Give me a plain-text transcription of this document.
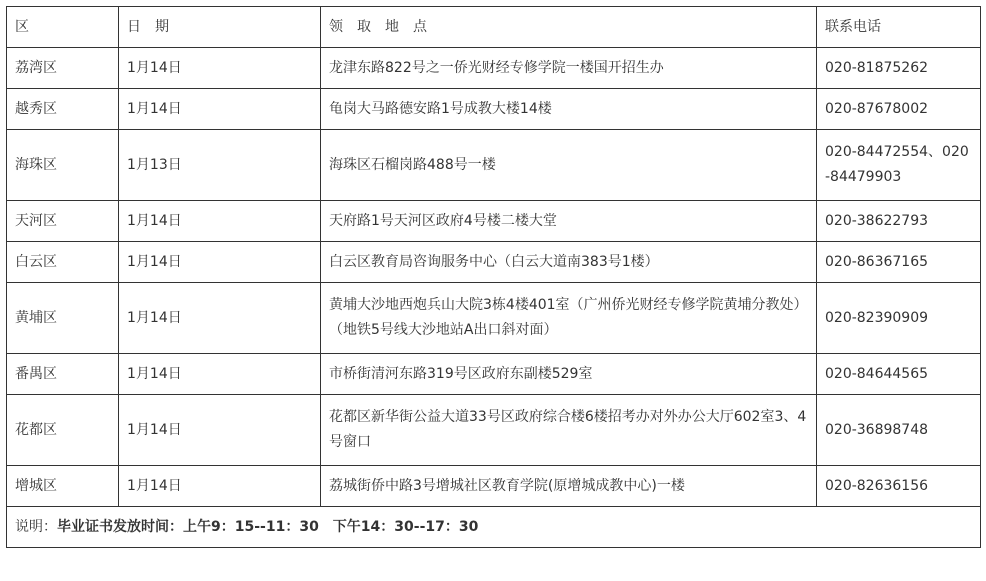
区	日　期	领　取　地　点	联系电话
荔湾区	1月14日	龙津东路822号之一侨光财经专修学院一楼国开招生办	020-81875262
越秀区	1月14日	龟岗大马路德安路1号成教大楼14楼	020-87678002
海珠区	1月13日	海珠区石榴岗路488号一楼	020-84472554、020-84479903
天河区	1月14日	天府路1号天河区政府4号楼二楼大堂	020-38622793
白云区	1月14日	白云区教育局咨询服务中心（白云大道南383号1楼）	020-86367165
黄埔区	1月14日	黄埔大沙地西炮兵山大院3栋4楼401室（广州侨光财经专修学院黄埔分教处）（地铁5号线大沙地站A出口斜对面）	020-82390909
番禺区	1月14日	市桥街清河东路319号区政府东副楼529室	020-84644565
花都区	1月14日	花都区新华街公益大道33号区政府综合楼6楼招考办对外办公大厅602室3、4号窗口	020-36898748
增城区	1月14日	荔城街侨中路3号增城社区教育学院(原增城成教中心)一楼	020-82636156
说明：毕业证书发放时间：上午9：15--11：30　下午14：30--17：30			
